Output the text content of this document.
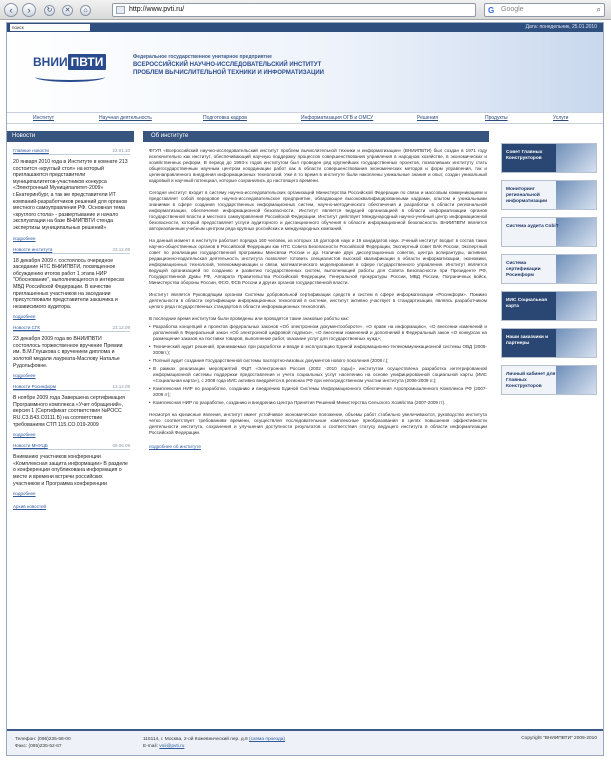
‹	›	↻	✕	⌂	http://www.pvti.ru/	G Google	⌕
поиск	Дата: понедельник, 25.01.2010
ВНИИ ПВТИ	Федеральное государственное унитарное предприятие
ВСЕРОССИЙСКИЙ НАУЧНО-ИССЛЕДОВАТЕЛЬСКИЙ ИНСТИТУТ
ПРОБЛЕМ ВЫЧИСЛИТЕЛЬНОЙ ТЕХНИКИ И ИНФОРМАТИЗАЦИИ
Институт	Научная деятельность	Подготовка кадров	Информатизация ОГВ и ОМСУ	Решения	Продукты	Услуги
Новости
Главные новости	22.01.10
20 января 2010 года в Институте в комнате 213 состоится «круглый стол» на который приглашаются представители муниципалитетов-участников конкурса «Электронный Муниципалитет-2009» г.Екатеринбург, а так же представители ИТ компаний-разработчиков решений для органов местного самоуправления РФ. Основная тема «круглого стола» - развертывание и начало эксплуатации на базе ВНИИПВТИ стенда экспертизы муниципальных решений»
подробнее
Новости института	23.12.09
18 декабря 2009 г. состоялось очередное заседание НТС ВНИИПВТИ, посвященное обсуждению итогов работ 1 этапа НИР "Обоснование", выполняющегося в интересах МВД Российской Федерации. В качестве приглашенных участников на заседании присутствовали представители заказчика и независимого аудитора.
подробнее
Новости СГК	23.12.09
23 декабря 2009 года во ВНИИПВТИ состоялось торжественное вручение Премии им. В.М.Глушкова с вручением диплома и золотой медали лауреата-Маслову Наталье Рудольфовне.
подробнее
Новости Росинформ	13.12.09
В ноябре 2009 года Завершена сертификация Программного комплекса «Учет обращений», версия 1 (Сертификат соответствия №РОСС RU.С3.Б43.С0111.Б) на соответствие требованиям СТП 115.СО.019-2009
подробнее
Новости МНУЦБ	09.06.09
Вниманию участников конференции «Комплексная защита информации» В разделе о конференции опубликована информация о месте и времени встречи российских участников и Программа конференции
подробнее
Архив новостей
Об институте

ФГУП «Всероссийский научно-исследовательский институт проблем вычислительной техники и информатизации» (ВНИИПВТИ) был создан в 1971 году исключительно как институт, обеспечивающий научную поддержку процессов совершенствования управления в народном хозяйстве, в экономических и хозяйственных реформ. В период до 1993-х годов институтом был проведен ряд крупнейших государственных проектов, позволивших институту стать общегосударственным научным центром координации работ как в области совершенствования экономических методов и форм управления, так и целенаправленного внедрения информационных технологий. Уже в то время в институте были накоплены уникальные знания и опыт, создан уникальный кадровый и научный потенциал, которые сохранились до настоящего времени.

Сегодня институт входит в систему научно-исследовательских организаций Министерства Российской Федерации по связи и массовым коммуникациям и представляет собой передовое научно-исследовательское предприятие, обладающее высококвалифицированными кадрами, опытом и уникальными знаниями в сфере создания государственных информационных систем, научно-методического обеспечения и разработки в области региональной информатизации, обеспечения информационной безопасности. Институт является ведущей организацией в области информатизации органов государственной власти и местного самоуправления Российской Федерации. Институт действует Международный научно-учебный центр информационной безопасности, который предоставляет услуги аудиторного и дистанционного обучения в области информационной безопасности. ВНИИПВТИ является авторизованным учебным центром ряда крупных российских и международных компаний.

На данный момент в институте работает порядка 160 человек, из которых 16 докторов наук и 19 кандидатов наук. Ученый институт входит в состав таких научно-общественных органов в Российской Федерации как НТС Совета Безопасности Российской Федерации, Экспертный совет ВАК России, Экспертный совет по реализации государственной программы Минсвязи России и др. Наличие двух диссертационных советов, центра аспирантуры, активная редакционно-издательская деятельность института позволяет готовить специалистов высокой квалификации в области информатизации, экономики, информационных технологий, телекоммуникации и связи, математического моделирования в сфере государственного управления. Институт является ведущей организацией по созданию и развитию государственных систем, выполняющей работы для Совета Безопасности при Президенте РФ, Государственной Думы РФ, Аппарата Правительства Российской Федерации, Генеральной прокуратуры России, МВД России, Пограничных войск, Министерства обороны России, ФСО, ФСБ России и других органов государственной власти.

Институт является Руководящим органом Системы добровольной сертификации средств и систем в сфере информатизации «Росинформ». Помимо деятельности в области сертификации информационных технологий в системе, институт активно участвует в стандартизации, являясь разработчиком целого ряда государственных стандартов в области информационных технологий.

В последние время институтом были проведены или проводятся такие знаковые работы как:

• Разработка концепций и проектов федеральных законов «Об электронном документообороте», «О праве на информацию», «О внесении изменений и дополнений в Федеральный закон «Об электронной цифровой подписи», «О внесении изменений и дополнений в Федеральный закон «О конкурсах на размещение заказов на поставки товаров, выполнение работ, оказание услуг для государственных нужд»;
• Технический аудит решений, принимаемых при разработке и вводе в эксплуатацию Единой информационно-телекоммуникационной системы ОВД (2006-2009гг.);
• Полный аудит создания Государственной системы паспортно-визовых документов нового поколения (2008 г.);
• В рамках реализации мероприятий ФЦП «Электронная Россия (2002 -2010 годы)» институтом осуществлена разработка интегрированной информационной системы поддержки предоставления и учета социальных услуг населению на основе унифицированной социальной карты (ИИС «Социальная карта»), с 2008 года ИИС активно внедряется в регионах РФ при непосредственном участии института (2006-2009 гг.);
• Комплексная НИР по разработке, созданию и внедрению Единой Системы Информационного Обеспечения Агропромышленного Комплекса РФ (2007-2009 гг);
• Комплексная НИР по разработке, созданию и внедрению Центра Принятия Решений Министерства Сельского Хозяйства (2007-2009 гг).

Несмотря на кризисные явления, институт имеет устойчивое экономическое положение, объемы работ стабильно увеличиваются, руководство института четко соответствует требованиям времени, осуществляя последовательные комплексные преобразования в целях повышения эффективности деятельности института, сохранения и улучшения доступности результатов и соответствия статусу ведущего института в области информатизации Российской Федерации.

подробнее об институте
Совет Главных Конструкторов
Мониторинг региональной информатизации
Система аудита CobiT
Система сертификации Росинформ
ИИС Социальная карта
Наши заказчики и партнеры
Личный кабинет для Главных Конструкторов
Телефон: (095)235-58-00
Факс: (095)235-52-67
115114, г. Москва, 2-ой Кожевнический пер. д.8 (схема проезда)
E-mail: vnii@pvti.ru
Copyright "ВНИИПВТИ" 2009-2010
